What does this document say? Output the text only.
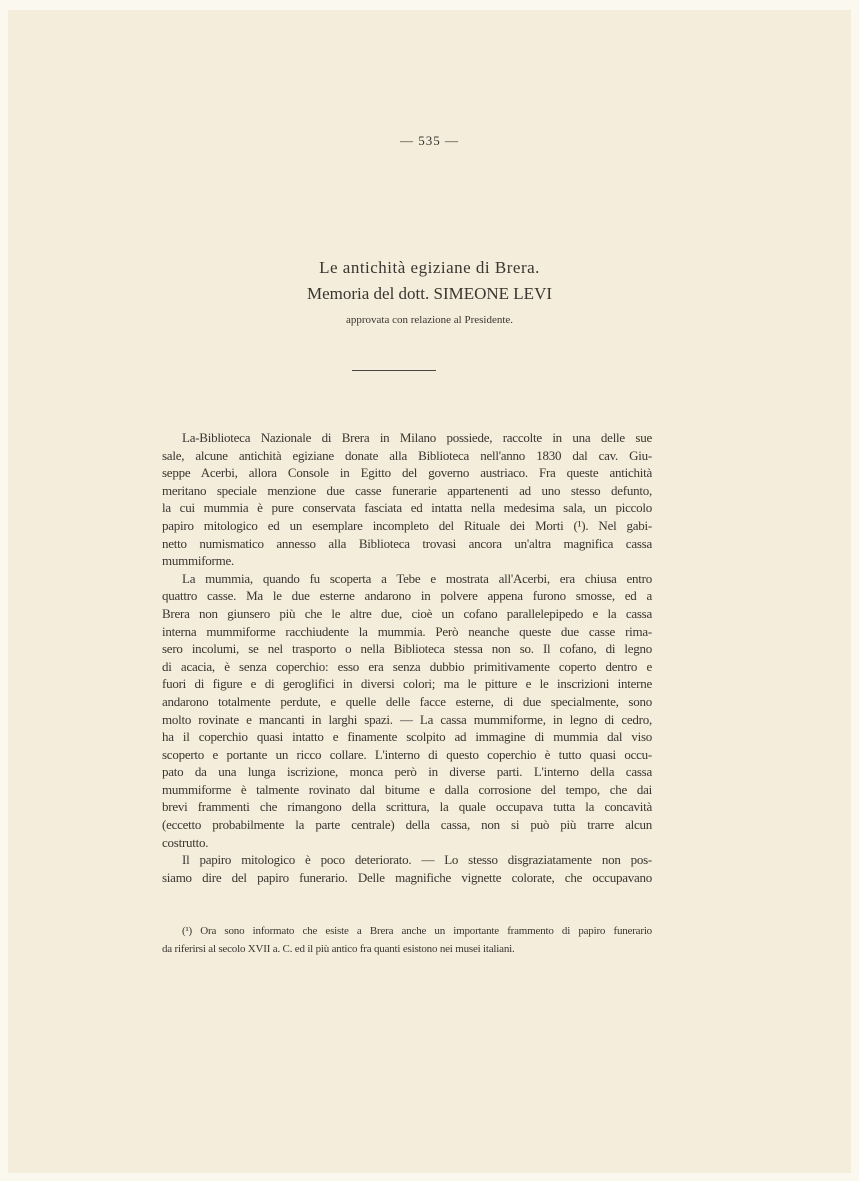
— 535 —
Le antichità egiziane di Brera.
Memoria del dott. SIMEONE LEVI
approvata con relazione al Presidente.
La-Biblioteca Nazionale di Brera in Milano possiede, raccolte in una delle sue
sale, alcune antichità egiziane donate alla Biblioteca nell'anno 1830 dal cav. Giu-
seppe Acerbi, allora Console in Egitto del governo austriaco. Fra queste antichità
meritano speciale menzione due casse funerarie appartenenti ad uno stesso defunto,
la cui mummia è pure conservata fasciata ed intatta nella medesima sala, un piccolo
papiro mitologico ed un esemplare incompleto del Rituale dei Morti (¹). Nel gabi-
netto numismatico annesso alla Biblioteca trovasi ancora un'altra magnifica cassa
mummiforme.
La mummia, quando fu scoperta a Tebe e mostrata all'Acerbi, era chiusa entro
quattro casse. Ma le due esterne andarono in polvere appena furono smosse, ed a
Brera non giunsero più che le altre due, cioè un cofano parallelepipedo e la cassa
interna mummiforme racchiudente la mummia. Però neanche queste due casse rima-
sero incolumi, se nel trasporto o nella Biblioteca stessa non so. Il cofano, di legno
di acacia, è senza coperchio: esso era senza dubbio primitivamente coperto dentro e
fuori di figure e di geroglifici in diversi colori; ma le pitture e le inscrizioni interne
andarono totalmente perdute, e quelle delle facce esterne, di due specialmente, sono
molto rovinate e mancanti in larghi spazi. — La cassa mummiforme, in legno di cedro,
ha il coperchio quasi intatto e finamente scolpito ad immagine di mummia dal viso
scoperto e portante un ricco collare. L'interno di questo coperchio è tutto quasi occu-
pato da una lunga iscrizione, monca però in diverse parti. L'interno della cassa
mummiforme è talmente rovinato dal bitume e dalla corrosione del tempo, che dai
brevi frammenti che rimangono della scrittura, la quale occupava tutta la concavità
(eccetto probabilmente la parte centrale) della cassa, non si può più trarre alcun
costrutto.
Il papiro mitologico è poco deteriorato. — Lo stesso disgraziatamente non pos-
siamo dire del papiro funerario. Delle magnifiche vignette colorate, che occupavano
(¹) Ora sono informato che esiste a Brera anche un importante frammento di papiro funerario
da riferirsi al secolo XVII a. C. ed il più antico fra quanti esistono nei musei italiani.
